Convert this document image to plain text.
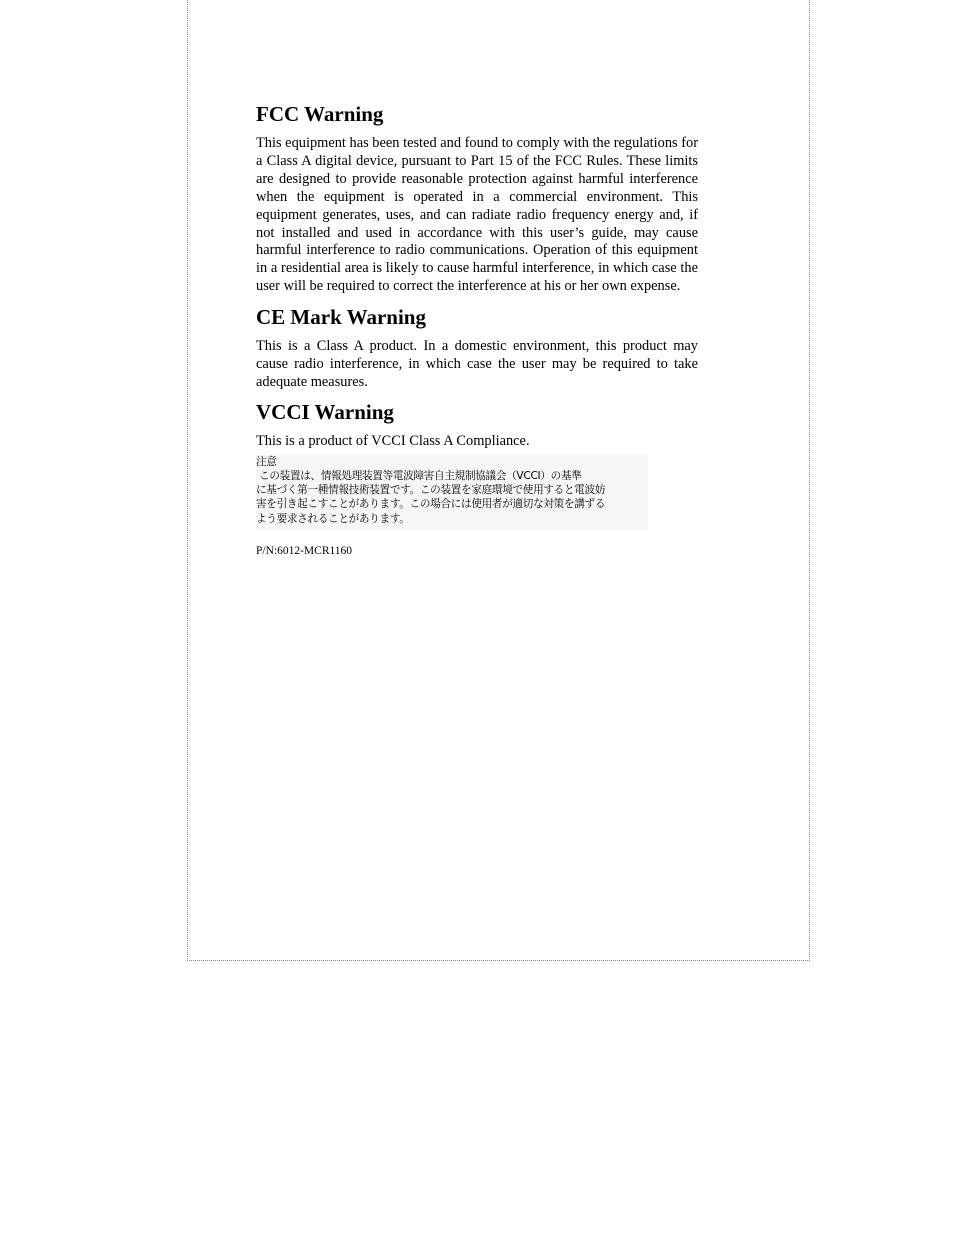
FCC Warning

This equipment has been tested and found to comply with the regulations for a Class A digital device, pursuant to Part 15 of the FCC Rules. These limits are designed to provide reasonable protection against harmful interference when the equipment is operated in a commercial environment. This equipment generates, uses, and can radiate radio frequency energy and, if not installed and used in accordance with this user’s guide, may cause harmful interference to radio communications. Operation of this equipment in a residential area is likely to cause harmful interference, in which case the user will be required to correct the interference at his or her own expense.

CE Mark Warning

This is a Class A product. In a domestic environment, this product may cause radio interference, in which case the user may be required to take adequate measures.

VCCI Warning

This is a product of VCCI Class A Compliance.

注意
この装置は、情報処理装置等電波障害自主規制協議会（VCCI）の基準
に基づく第一種情報技術装置です。この装置を家庭環境で使用すると電波妨
害を引き起こすことがあります。この場合には使用者が適切な対策を講ずる
よう要求されることがあります。
P/N:6012-MCR1160
